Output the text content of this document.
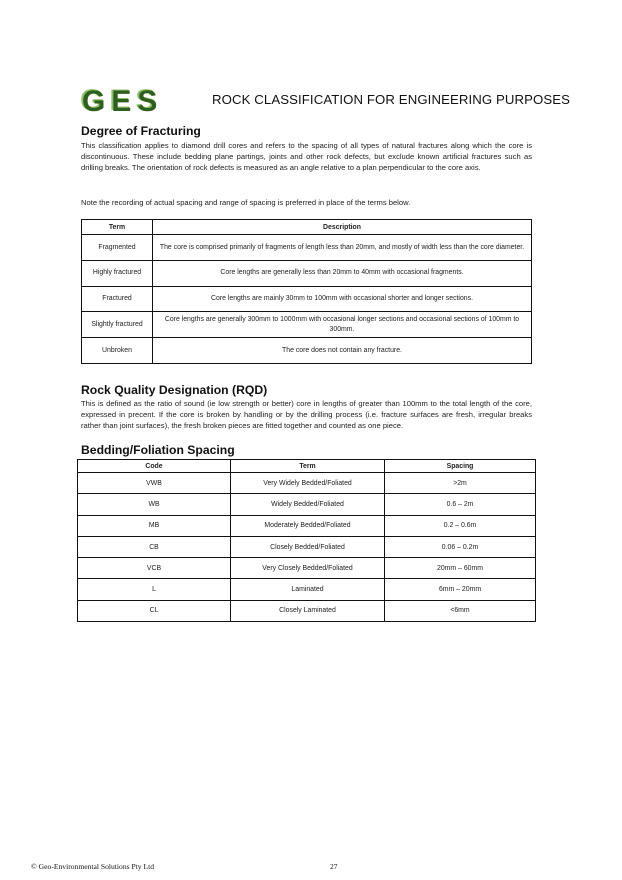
GES	ROCK CLASSIFICATION FOR ENGINEERING PURPOSES
Degree of Fracturing
This classification applies to diamond drill cores and refers to the spacing of all types of natural fractures along which the core is discontinuous. These include bedding plane partings, joints and other rock defects, but exclude known artificial fractures such as drilling breaks. The orientation of rock defects is measured as an angle relative to a plan perpendicular to the core axis.
Note the recording of actual spacing and range of spacing is preferred in place of the terms below.
Term	Description
Fragmented	The core is comprised primarily of fragments of length less than 20mm, and mostly of width less than the core diameter.
Highly fractured	Core lengths are generally less than 20mm to 40mm with occasional fragments.
Fractured	Core lengths are mainly 30mm to 100mm with occasional shorter and longer sections.
Slightly fractured	Core lengths are generally 300mm to 1000mm with occasional longer sections and occasional sections of 100mm to 300mm.
Unbroken	The core does not contain any fracture.
Rock Quality Designation (RQD)
This is defined as the ratio of sound (ie low strength or better) core in lengths of greater than 100mm to the total length of the core, expressed in precent. If the core is broken by handling or by the drilling process (i.e. fracture surfaces are fresh, irregular breaks rather than joint surfaces), the fresh broken pieces are fitted together and counted as one piece.
Bedding/Foliation Spacing
Code	Term	Spacing
VWB	Very Widely Bedded/Foliated	>2m
WB	Widely Bedded/Foliated	0.6 – 2m
MB	Moderately Bedded/Foliated	0.2 – 0.6m
CB	Closely Bedded/Foliated	0.06 – 0.2m
VCB	Very Closely Bedded/Foliated	20mm – 60mm
L	Laminated	6mm – 20mm
CL	Closely Laminated	<6mm
© Geo-Environmental Solutions Pty Ltd	27
